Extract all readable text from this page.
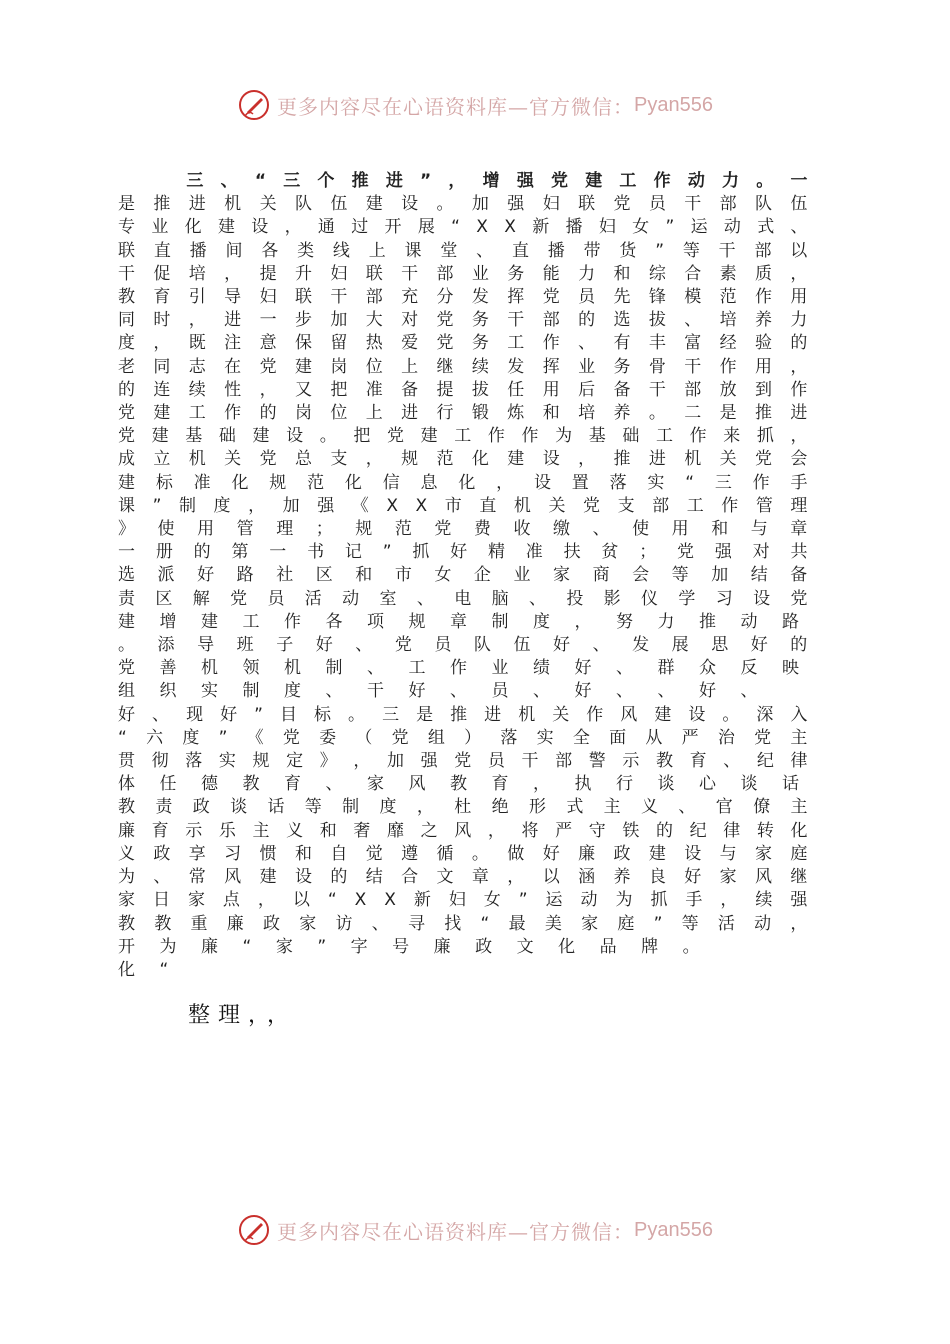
更多内容尽在心语资料库—官方微信： Pyan556

三 、 “ 三 个 推 进 ” ， 增 强 党 建 工 作 动 力 。 一
是 推 进 机 关 队 伍 建 设 。 加 强 妇 联 党 员 干 部 队 伍
专 业 化 建 设 ， 通 过 开 展 “ X X 新 播 妇 女 ” 运 动 式 、
联 直 播 间 各 类 线 上 课 堂 、 直 播 带 货 ” 等 干 部 以
干 促 培 ， 提 升 妇 联 干 部 业 务 能 力 和 综 合 素 质 ，
教 育 引 导 妇 联 干 部 充 分 发 挥 党 员 先 锋 模 范 作 用
同 时 ， 进 一 步 加 大 对 党 务 干 部 的 选 拔 、 培 养 力
度 ， 既 注 意 保 留 热 爱 党 务 工 作 、 有 丰 富 经 验 的
老 同 志 在 党 建 岗 位 上 继 续 发 挥 业 务 骨 干 作 用 ，
的 连 续 性 ， 又 把 准 备 提 拔 任 用 后 备 干 部 放 到 作
党 建 工 作 的 岗 位 上 进 行 锻 炼 和 培 养 。 二 是 推 进
党 建 基 础 建 设 。 把 党 建 工 作 作 为 基 础 工 作 来 抓 ，
成 立 机 关 党 总 支 ， 规 范 化 建 设 ， 推 进 机 关 党 会
建 标 准 化 规 范 化 信 息 化 ， 设 置 落 实 “ 三 作 手
课 ” 制 度 ， 加 强 《 X X 市 直 机 关 党 支 部 工 作 管 理
》 使 用 管 理 ； 规 范 党 费 收 缴 、 使 用 和 与 章
一 册 的 第 一 书 记 ” 抓 好 精 准 扶 贫 ； 党 强 对 共
选 派 好 路 社 区 和 市 女 企 业 家 商 会 等 加 结 备
责 区 解 党 员 活 动 室 、 电 脑 、 投 影 仪 学 习 设 党
建 增 建 工 作 各 项 规 章 制 度 ， 努 力 推 动 路
。 添 导 班 子 好 、 党 员 队 伍 好 、 发 展 思 好 的
党 善 机 领 机 制 、 工 作 业 绩 好 、 群 众 反 映
组 织 实 制 度 、 干 好 、 员 、 好 、 、 好 、
好 、 现 好 ” 目 标 。 三 是 推 进 机 关 作 风 建 设 。 深 入
“ 六 度 ” 《 党 委 （ 党 组 ） 落 实 全 面 从 严 治 党 主
贯 彻 落 实 规 定 》 ， 加 强 党 员 干 部 警 示 教 育 、 纪 律
体 任 德 教 育 、 家 风 教 育 ， 执 行 谈 心 谈 话
教 责 政 谈 话 等 制 度 ， 杜 绝 形 式 主 义 、 官 僚 主
廉 育 示 乐 主 义 和 奢 靡 之 风 ， 将 严 守 铁 的 纪 律 转 化
义 政 享 习 惯 和 自 觉 遵 循 。 做 好 廉 政 建 设 与 家 庭
为 、 常 风 建 设 的 结 合 文 章 ， 以 涵 养 良 好 家 风 继
家 日 家 点 ， 以 “ X X 新 妇 女 ” 运 动 为 抓 手 ， 续 强
教 教 重 廉 政 家 访 、 寻 找 “ 最 美 家 庭 ” 等 活 动 ，
开 为 廉 “ 家 ” 字 号 廉 政 文 化 品 牌 。
化 “
整理，，
更多内容尽在心语资料库—官方微信： Pyan556
